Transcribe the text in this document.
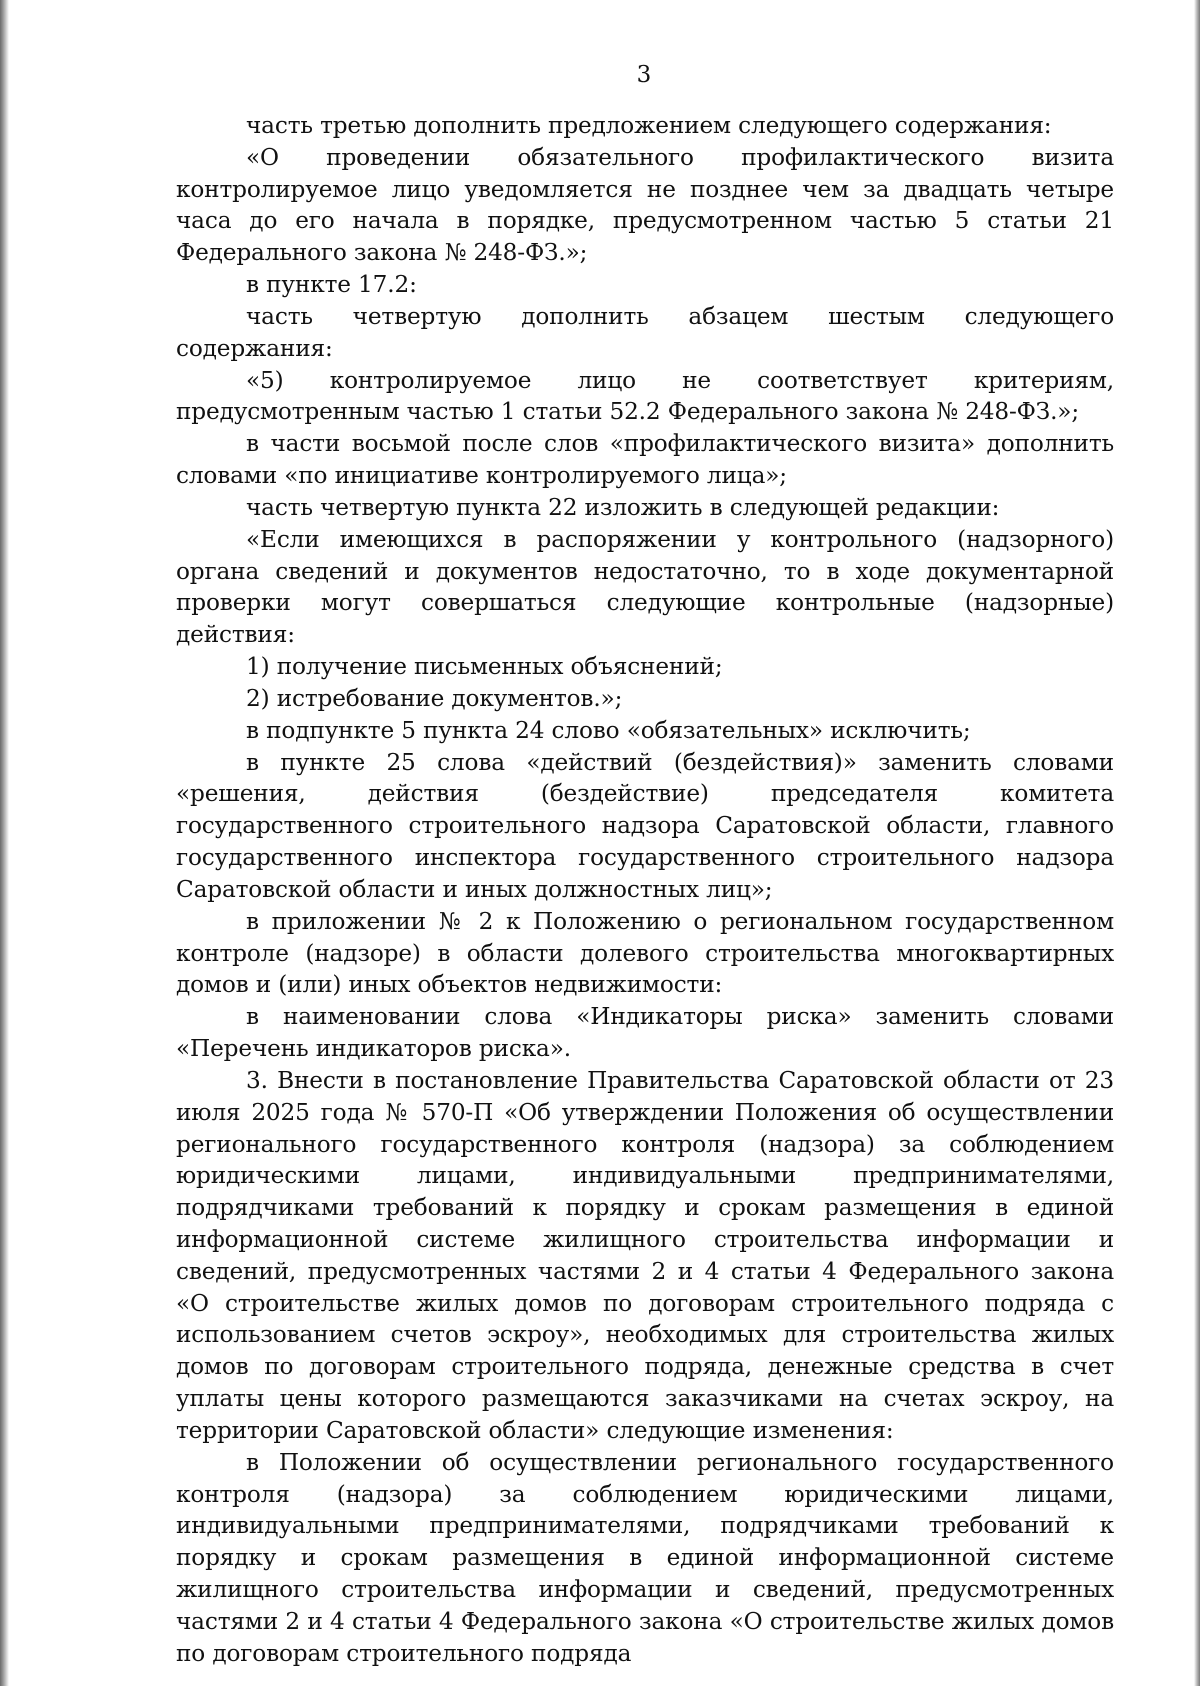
3

часть третью дополнить предложением следующего содержания:

«О проведении обязательного профилактического визита контролируемое лицо уведомляется не позднее чем за двадцать четыре часа до его начала в порядке, предусмотренном частью 5 статьи 21 Федерального закона № 248-ФЗ.»;

в пункте 17.2:

часть четвертую дополнить абзацем шестым следующего содержания:

«5) контролируемое лицо не соответствует критериям, предусмотренным частью 1 статьи 52.2 Федерального закона № 248-ФЗ.»;

в части восьмой после слов «профилактического визита» дополнить словами «по инициативе контролируемого лица»;

часть четвертую пункта 22 изложить в следующей редакции:

«Если имеющихся в распоряжении у контрольного (надзорного) органа сведений и документов недостаточно, то в ходе документарной проверки могут совершаться следующие контрольные (надзорные) действия:

1) получение письменных объяснений;

2) истребование документов.»;

в подпункте 5 пункта 24 слово «обязательных» исключить;

в пункте 25 слова «действий (бездействия)» заменить словами «решения, действия (бездействие) председателя комитета государственного строительного надзора Саратовской области, главного государственного инспектора государственного строительного надзора Саратовской области и иных должностных лиц»;

в приложении № 2 к Положению о региональном государственном контроле (надзоре) в области долевого строительства многоквартирных домов и (или) иных объектов недвижимости:

в наименовании слова «Индикаторы риска» заменить словами «Перечень индикаторов риска».

3. Внести в постановление Правительства Саратовской области от 23 июля 2025 года № 570-П «Об утверждении Положения об осуществлении регионального государственного контроля (надзора) за соблюдением юридическими лицами, индивидуальными предпринимателями, подрядчиками требований к порядку и срокам размещения в единой информационной системе жилищного строительства информации и сведений, предусмотренных частями 2 и 4 статьи 4 Федерального закона «О строительстве жилых домов по договорам строительного подряда с использованием счетов эскроу», необходимых для строительства жилых домов по договорам строительного подряда, денежные средства в счет уплаты цены которого размещаются заказчиками на счетах эскроу, на территории Саратовской области» следующие изменения:

в Положении об осуществлении регионального государственного контроля (надзора) за соблюдением юридическими лицами, индивидуальными предпринимателями, подрядчиками требований к порядку и срокам размещения в единой информационной системе жилищного строительства информации и сведений, предусмотренных частями 2 и 4 статьи 4 Федерального закона «О строительстве жилых домов по договорам строительного подряда
